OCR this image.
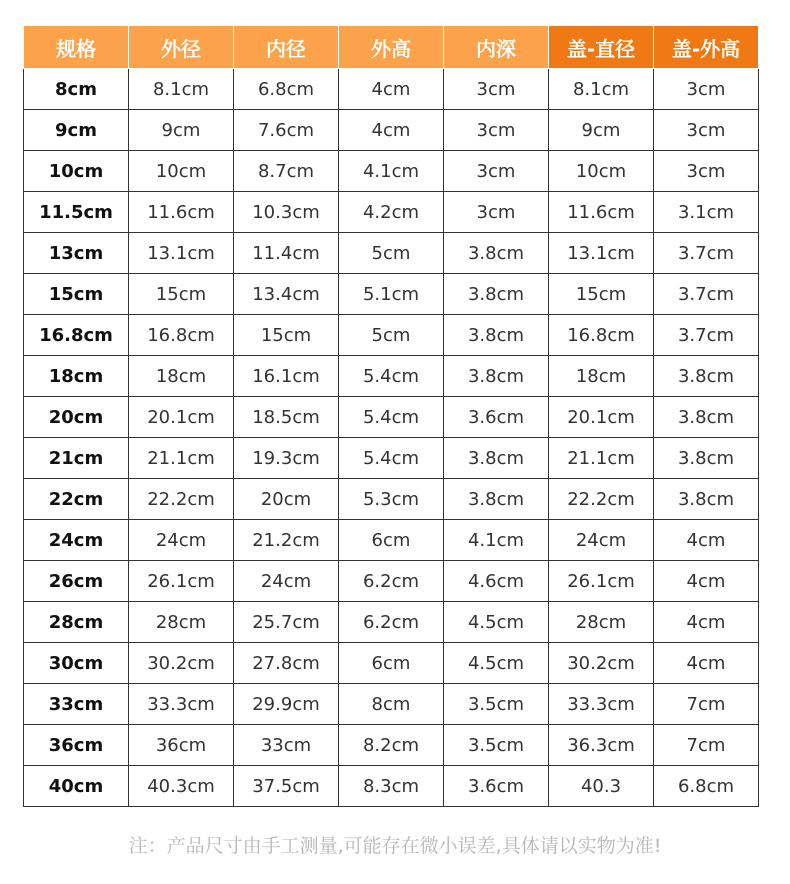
规格	外径	内径	外高	内深	盖-直径	盖-外高
8cm	8.1cm	6.8cm	4cm	3cm	8.1cm	3cm
9cm	9cm	7.6cm	4cm	3cm	9cm	3cm
10cm	10cm	8.7cm	4.1cm	3cm	10cm	3cm
11.5cm	11.6cm	10.3cm	4.2cm	3cm	11.6cm	3.1cm
13cm	13.1cm	11.4cm	5cm	3.8cm	13.1cm	3.7cm
15cm	15cm	13.4cm	5.1cm	3.8cm	15cm	3.7cm
16.8cm	16.8cm	15cm	5cm	3.8cm	16.8cm	3.7cm
18cm	18cm	16.1cm	5.4cm	3.8cm	18cm	3.8cm
20cm	20.1cm	18.5cm	5.4cm	3.6cm	20.1cm	3.8cm
21cm	21.1cm	19.3cm	5.4cm	3.8cm	21.1cm	3.8cm
22cm	22.2cm	20cm	5.3cm	3.8cm	22.2cm	3.8cm
24cm	24cm	21.2cm	6cm	4.1cm	24cm	4cm
26cm	26.1cm	24cm	6.2cm	4.6cm	26.1cm	4cm
28cm	28cm	25.7cm	6.2cm	4.5cm	28cm	4cm
30cm	30.2cm	27.8cm	6cm	4.5cm	30.2cm	4cm
33cm	33.3cm	29.9cm	8cm	3.5cm	33.3cm	7cm
36cm	36cm	33cm	8.2cm	3.5cm	36.3cm	7cm
40cm	40.3cm	37.5cm	8.3cm	3.6cm	40.3	6.8cm
注：产品尺寸由手工测量,可能存在微小误差,具体请以实物为准!
